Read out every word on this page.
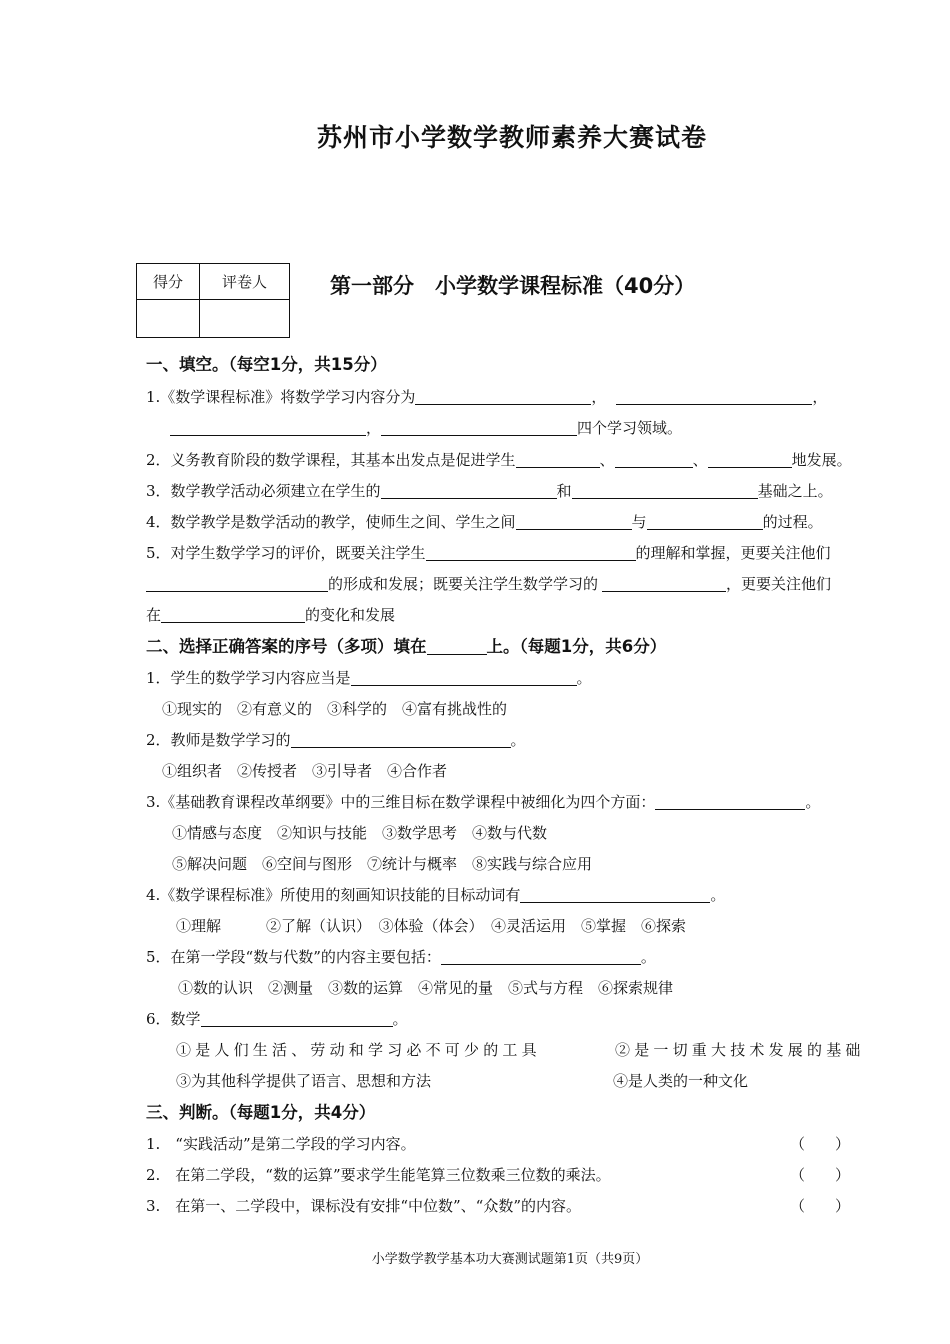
苏州市小学数学教师素养大赛试卷
得分	评卷人
		第一部分　小学数学课程标准（40分）
一、填空。（每空1分，共15分）
1.《数学课程标准》将数学学习内容分为	，	，
，	四个学习领域。
2．义务教育阶段的数学课程，其基本出发点是促进学生	、	、	地发展。
3．数学教学活动必须建立在学生的	和	基础之上。
4．数学教学是数学活动的教学，使师生之间、学生之间	与	的过程。
5．对学生数学学习的评价，既要关注学生	的理解和掌握，更要关注他们
的形成和发展；既要关注学生数学学习的	，更要关注他们
在	的变化和发展
二、选择正确答案的序号（多项）填在	上。（每题1分，共6分）
1．学生的数学学习内容应当是	。
①现实的　②有意义的　③科学的　④富有挑战性的
2．教师是数学学习的	。
①组织者　②传授者　③引导者　④合作者
3.《基础教育课程改革纲要》中的三维目标在数学课程中被细化为四个方面：	。
①情感与态度　②知识与技能　③数学思考　④数与代数
⑤解决问题　⑥空间与图形　⑦统计与概率　⑧实践与综合应用
4.《数学课程标准》所使用的刻画知识技能的目标动词有	。
①理解　　　②了解（认识）　③体验（体会）　④灵活运用　⑤掌握　⑥探索
5．在第一学段“数与代数”的内容主要包括：	。
①数的认识　②测量　③数的运算　④常见的量　⑤式与方程　⑥探索规律
6．数学	。
①是人们生活、劳动和学习必不可少的工具	②是一切重大技术发展的基础
③为其他科学提供了语言、思想和方法	④是人类的一种文化
三、判断。（每题1分，共4分）
1.　“实践活动”是第二学段的学习内容。	（　　）
2.　在第二学段，“数的运算”要求学生能笔算三位数乘三位数的乘法。	（　　）
3.　在第一、二学段中，课标没有安排“中位数”、“众数”的内容。	（　　）
小学数学教学基本功大赛测试题第1页（共9页）
